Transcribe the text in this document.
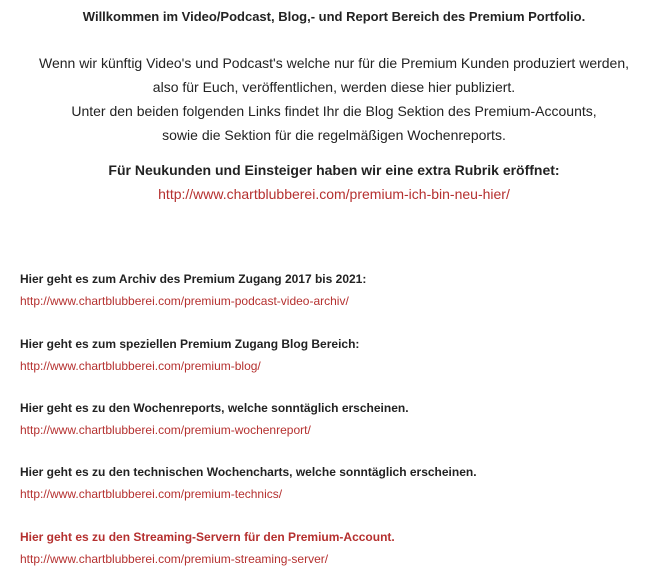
Willkommen im Video/Podcast, Blog,- und Report Bereich des Premium Portfolio.

Wenn wir künftig Video's und Podcast's welche nur für die Premium Kunden produziert werden,
also für Euch, veröffentlichen, werden diese hier publiziert.
Unter den beiden folgenden Links findet Ihr die Blog Sektion des Premium-Accounts,
sowie die Sektion für die regelmäßigen Wochenreports.
Für Neukunden und Einsteiger haben wir eine extra Rubrik eröffnet:
http://www.chartblubberei.com/premium-ich-bin-neu-hier/
Hier geht es zum Archiv des Premium Zugang 2017 bis 2021:
http://www.chartblubberei.com/premium-podcast-video-archiv/
Hier geht es zum speziellen Premium Zugang Blog Bereich:
http://www.chartblubberei.com/premium-blog/
Hier geht es zu den Wochenreports, welche sonntäglich erscheinen.
http://www.chartblubberei.com/premium-wochenreport/
Hier geht es zu den technischen Wochencharts, welche sonntäglich erscheinen.
http://www.chartblubberei.com/premium-technics/
Hier geht es zu den Streaming-Servern für den Premium-Account.
http://www.chartblubberei.com/premium-streaming-server/
